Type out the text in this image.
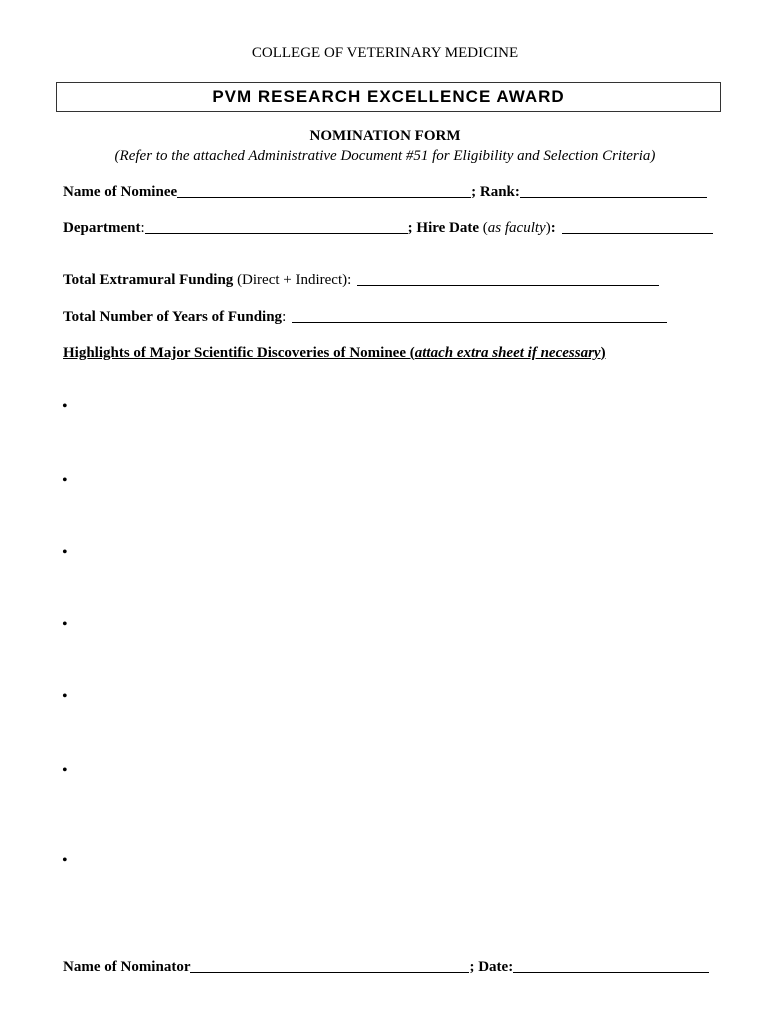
COLLEGE OF VETERINARY MEDICINE
PVM RESEARCH EXCELLENCE AWARD
NOMINATION FORM
(Refer to the attached Administrative Document #51 for Eligibility and Selection Criteria)
Name of Nominee	; Rank:
Department:	; Hire Date (as faculty):
Total Extramural Funding (Direct + Indirect):
Total Number of Years of Funding:
Highlights of Major Scientific Discoveries of Nominee (attach extra sheet if necessary)
•
•
•
•
•
•
•
Name of Nominator	; Date:
